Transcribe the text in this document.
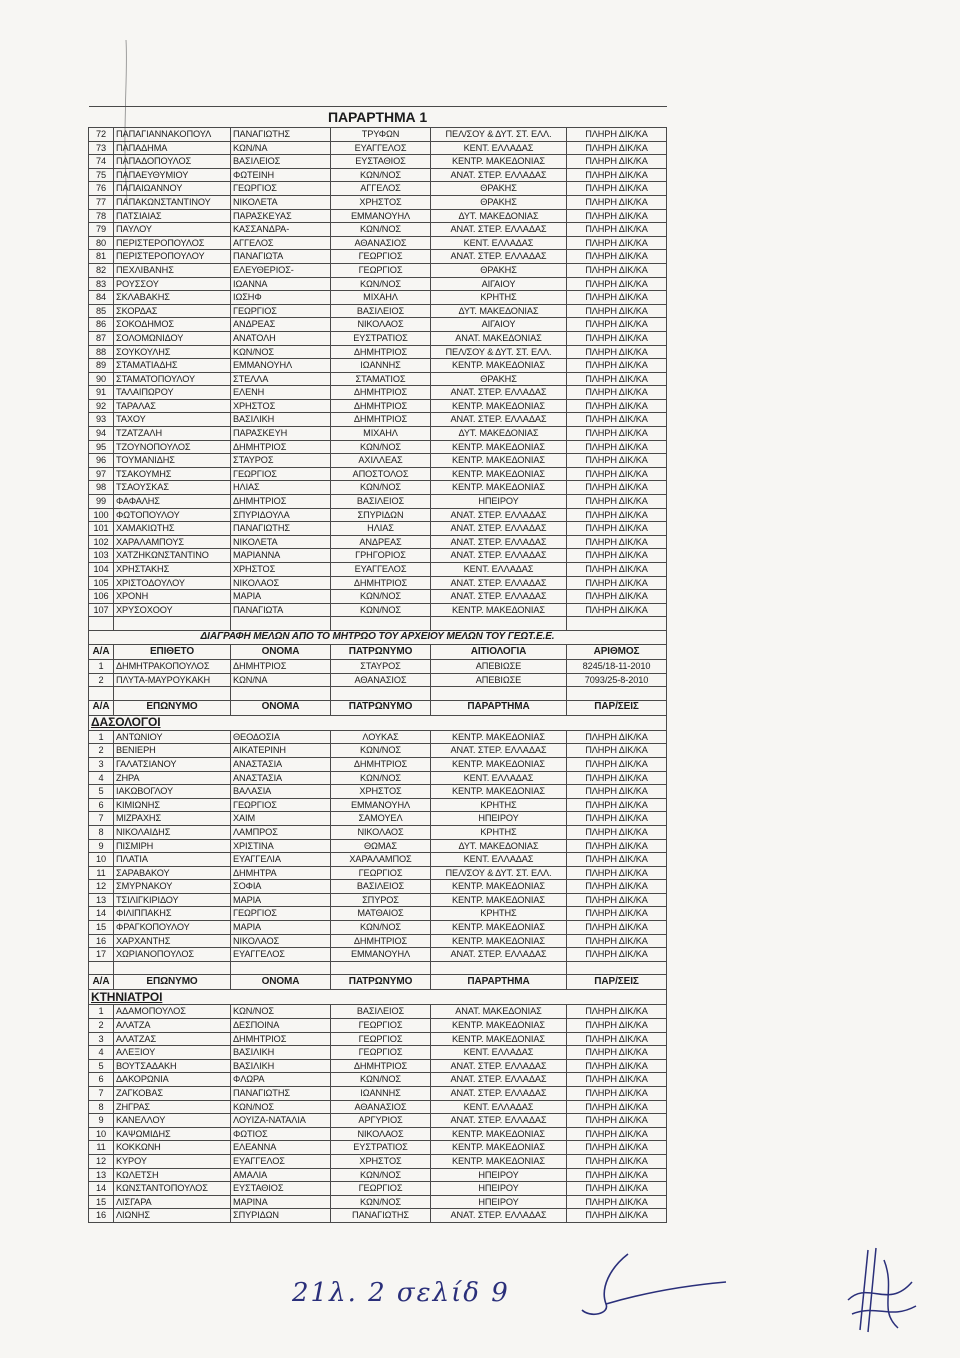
ΠΑΡΑΡΤΗΜΑ 1					
72	ΠΑΠΑΓΙΑΝΝΑΚΟΠΟΥΛ	ΠΑΝΑΓΙΩΤΗΣ	ΤΡΥΦΩΝ	ΠΕΛ/ΣΟΥ & ΔΥΤ. ΣΤ. ΕΛΛ.	ΠΛΗΡΗ ΔΙΚ/ΚΑ
73	ΠΑΠΑΔΗΜΑ	ΚΩΝ/ΝΑ	ΕΥΑΓΓΕΛΟΣ	ΚΕΝΤ. ΕΛΛΑΔΑΣ	ΠΛΗΡΗ ΔΙΚ/ΚΑ
74	ΠΑΠΑΔΟΠΟΥΛΟΣ	ΒΑΣΙΛΕΙΟΣ	ΕΥΣΤΑΘΙΟΣ	ΚΕΝΤΡ. ΜΑΚΕΔΟΝΙΑΣ	ΠΛΗΡΗ ΔΙΚ/ΚΑ
75	ΠΑΠΑΕΥΘΥΜΙΟΥ	ΦΩΤΕΙΝΗ	ΚΩΝ/ΝΟΣ	ΑΝΑΤ. ΣΤΕΡ. ΕΛΛΑΔΑΣ	ΠΛΗΡΗ ΔΙΚ/ΚΑ
76	ΠΑΠΑΙΩΑΝΝΟΥ	ΓΕΩΡΓΙΟΣ	ΑΓΓΕΛΟΣ	ΘΡΑΚΗΣ	ΠΛΗΡΗ ΔΙΚ/ΚΑ
77	ΠΑΠΑΚΩΝΣΤΑΝΤΙΝΟΥ	ΝΙΚΟΛΕΤΑ	ΧΡΗΣΤΟΣ	ΘΡΑΚΗΣ	ΠΛΗΡΗ ΔΙΚ/ΚΑ
78	ΠΑΤΣΙΑΙΑΣ	ΠΑΡΑΣΚΕΥΑΣ	ΕΜΜΑΝΟΥΗΛ	ΔΥΤ. ΜΑΚΕΔΟΝΙΑΣ	ΠΛΗΡΗ ΔΙΚ/ΚΑ
79	ΠΑΥΛΟΥ	ΚΑΣΣΑΝΔΡΑ-	ΚΩΝ/ΝΟΣ	ΑΝΑΤ. ΣΤΕΡ. ΕΛΛΑΔΑΣ	ΠΛΗΡΗ ΔΙΚ/ΚΑ
80	ΠΕΡΙΣΤΕΡΟΠΟΥΛΟΣ	ΑΓΓΕΛΟΣ	ΑΘΑΝΑΣΙΟΣ	ΚΕΝΤ. ΕΛΛΑΔΑΣ	ΠΛΗΡΗ ΔΙΚ/ΚΑ
81	ΠΕΡΙΣΤΕΡΟΠΟΥΛΟΥ	ΠΑΝΑΓΙΩΤΑ	ΓΕΩΡΓΙΟΣ	ΑΝΑΤ. ΣΤΕΡ. ΕΛΛΑΔΑΣ	ΠΛΗΡΗ ΔΙΚ/ΚΑ
82	ΠΕΧΛΙΒΑΝΗΣ	ΕΛΕΥΘΕΡΙΟΣ-	ΓΕΩΡΓΙΟΣ	ΘΡΑΚΗΣ	ΠΛΗΡΗ ΔΙΚ/ΚΑ
83	ΡΟΥΣΣΟΥ	ΙΩΑΝΝΑ	ΚΩΝ/ΝΟΣ	ΑΙΓΑΙΟΥ	ΠΛΗΡΗ ΔΙΚ/ΚΑ
84	ΣΚΛΑΒΑΚΗΣ	ΙΩΣΗΦ	ΜΙΧΑΗΛ	ΚΡΗΤΗΣ	ΠΛΗΡΗ ΔΙΚ/ΚΑ
85	ΣΚΟΡΔΑΣ	ΓΕΩΡΓΙΟΣ	ΒΑΣΙΛΕΙΟΣ	ΔΥΤ. ΜΑΚΕΔΟΝΙΑΣ	ΠΛΗΡΗ ΔΙΚ/ΚΑ
86	ΣΟΚΟΔΗΜΟΣ	ΑΝΔΡΕΑΣ	ΝΙΚΟΛΑΟΣ	ΑΙΓΑΙΟΥ	ΠΛΗΡΗ ΔΙΚ/ΚΑ
87	ΣΟΛΟΜΩΝΙΔΟΥ	ΑΝΑΤΟΛΗ	ΕΥΣΤΡΑΤΙΟΣ	ΑΝΑΤ. ΜΑΚΕΔΟΝΙΑΣ	ΠΛΗΡΗ ΔΙΚ/ΚΑ
88	ΣΟΥΚΟΥΛΗΣ	ΚΩΝ/ΝΟΣ	ΔΗΜΗΤΡΙΟΣ	ΠΕΛ/ΣΟΥ & ΔΥΤ. ΣΤ. ΕΛΛ.	ΠΛΗΡΗ ΔΙΚ/ΚΑ
89	ΣΤΑΜΑΤΙΑΔΗΣ	ΕΜΜΑΝΟΥΗΛ	ΙΩΑΝΝΗΣ	ΚΕΝΤΡ. ΜΑΚΕΔΟΝΙΑΣ	ΠΛΗΡΗ ΔΙΚ/ΚΑ
90	ΣΤΑΜΑΤΟΠΟΥΛΟΥ	ΣΤΕΛΛΑ	ΣΤΑΜΑΤΙΟΣ	ΘΡΑΚΗΣ	ΠΛΗΡΗ ΔΙΚ/ΚΑ
91	ΤΑΛΑΙΠΩΡΟΥ	ΕΛΕΝΗ	ΔΗΜΗΤΡΙΟΣ	ΑΝΑΤ. ΣΤΕΡ. ΕΛΛΑΔΑΣ	ΠΛΗΡΗ ΔΙΚ/ΚΑ
92	ΤΑΡΑΛΑΣ	ΧΡΗΣΤΟΣ	ΔΗΜΗΤΡΙΟΣ	ΚΕΝΤΡ. ΜΑΚΕΔΟΝΙΑΣ	ΠΛΗΡΗ ΔΙΚ/ΚΑ
93	ΤΑΧΟΥ	ΒΑΣΙΛΙΚΗ	ΔΗΜΗΤΡΙΟΣ	ΑΝΑΤ. ΣΤΕΡ. ΕΛΛΑΔΑΣ	ΠΛΗΡΗ ΔΙΚ/ΚΑ
94	ΤΖΑΤΖΑΛΗ	ΠΑΡΑΣΚΕΥΗ	ΜΙΧΑΗΛ	ΔΥΤ. ΜΑΚΕΔΟΝΙΑΣ	ΠΛΗΡΗ ΔΙΚ/ΚΑ
95	ΤΖΟΥΝΟΠΟΥΛΟΣ	ΔΗΜΗΤΡΙΟΣ	ΚΩΝ/ΝΟΣ	ΚΕΝΤΡ. ΜΑΚΕΔΟΝΙΑΣ	ΠΛΗΡΗ ΔΙΚ/ΚΑ
96	ΤΟΥΜΑΝΙΔΗΣ	ΣΤΑΥΡΟΣ	ΑΧΙΛΛΕΑΣ	ΚΕΝΤΡ. ΜΑΚΕΔΟΝΙΑΣ	ΠΛΗΡΗ ΔΙΚ/ΚΑ
97	ΤΣΑΚΟΥΜΗΣ	ΓΕΩΡΓΙΟΣ	ΑΠΟΣΤΟΛΟΣ	ΚΕΝΤΡ. ΜΑΚΕΔΟΝΙΑΣ	ΠΛΗΡΗ ΔΙΚ/ΚΑ
98	ΤΣΑΟΥΣΚΑΣ	ΗΛΙΑΣ	ΚΩΝ/ΝΟΣ	ΚΕΝΤΡ. ΜΑΚΕΔΟΝΙΑΣ	ΠΛΗΡΗ ΔΙΚ/ΚΑ
99	ΦΑΦΑΛΗΣ	ΔΗΜΗΤΡΙΟΣ	ΒΑΣΙΛΕΙΟΣ	ΗΠΕΙΡΟΥ	ΠΛΗΡΗ ΔΙΚ/ΚΑ
100	ΦΩΤΟΠΟΥΛΟΥ	ΣΠΥΡΙΔΟΥΛΑ	ΣΠΥΡΙΔΩΝ	ΑΝΑΤ. ΣΤΕΡ. ΕΛΛΑΔΑΣ	ΠΛΗΡΗ ΔΙΚ/ΚΑ
101	ΧΑΜΑΚΙΩΤΗΣ	ΠΑΝΑΓΙΩΤΗΣ	ΗΛΙΑΣ	ΑΝΑΤ. ΣΤΕΡ. ΕΛΛΑΔΑΣ	ΠΛΗΡΗ ΔΙΚ/ΚΑ
102	ΧΑΡΑΛΑΜΠΟΥΣ	ΝΙΚΟΛΕΤΑ	ΑΝΔΡΕΑΣ	ΑΝΑΤ. ΣΤΕΡ. ΕΛΛΑΔΑΣ	ΠΛΗΡΗ ΔΙΚ/ΚΑ
103	ΧΑΤΖΗΚΩΝΣΤΑΝΤΙΝΟ	ΜΑΡΙΑΝΝΑ	ΓΡΗΓΟΡΙΟΣ	ΑΝΑΤ. ΣΤΕΡ. ΕΛΛΑΔΑΣ	ΠΛΗΡΗ ΔΙΚ/ΚΑ
104	ΧΡΗΣΤΑΚΗΣ	ΧΡΗΣΤΟΣ	ΕΥΑΓΓΕΛΟΣ	ΚΕΝΤ. ΕΛΛΑΔΑΣ	ΠΛΗΡΗ ΔΙΚ/ΚΑ
105	ΧΡΙΣΤΟΔΟΥΛΟΥ	ΝΙΚΟΛΑΟΣ	ΔΗΜΗΤΡΙΟΣ	ΑΝΑΤ. ΣΤΕΡ. ΕΛΛΑΔΑΣ	ΠΛΗΡΗ ΔΙΚ/ΚΑ
106	ΧΡΟΝΗ	ΜΑΡΙΑ	ΚΩΝ/ΝΟΣ	ΑΝΑΤ. ΣΤΕΡ. ΕΛΛΑΔΑΣ	ΠΛΗΡΗ ΔΙΚ/ΚΑ
107	ΧΡΥΣΟΧΟΟΥ	ΠΑΝΑΓΙΩΤΑ	ΚΩΝ/ΝΟΣ	ΚΕΝΤΡ. ΜΑΚΕΔΟΝΙΑΣ	ΠΛΗΡΗ ΔΙΚ/ΚΑ

ΔΙΑΓΡΑΦΗ ΜΕΛΩΝ ΑΠΟ ΤΟ ΜΗΤΡΩΟ ΤΟΥ ΑΡΧΕΙΟΥ ΜΕΛΩΝ ΤΟΥ ΓΕΩΤ.Ε.Ε.					
Α/Α	ΕΠΙΘΕΤΟ	ΟΝΟΜΑ	ΠΑΤΡΩΝΥΜΟ	ΑΙΤΙΟΛΟΓΙΑ	ΑΡΙΘΜΟΣ
1	ΔΗΜΗΤΡΑΚΟΠΟΥΛΟΣ	ΔΗΜΗΤΡΙΟΣ	ΣΤΑΥΡΟΣ	ΑΠΕΒΙΩΣΕ	8245/18-11-2010
2	ΠΛΥΤΑ-ΜΑΥΡΟΥΚΑΚΗ	ΚΩΝ/ΝΑ	ΑΘΑΝΑΣΙΟΣ	ΑΠΕΒΙΩΣΕ	7093/25-8-2010

Α/Α	ΕΠΩΝΥΜΟ	ΟΝΟΜΑ	ΠΑΤΡΩΝΥΜΟ	ΠΑΡΑΡΤΗΜΑ	ΠΑΡ/ΣΕΙΣ
ΔΑΣΟΛΟΓΟΙ					
1	ΑΝΤΩΝΙΟΥ	ΘΕΟΔΟΣΙΑ	ΛΟΥΚΑΣ	ΚΕΝΤΡ. ΜΑΚΕΔΟΝΙΑΣ	ΠΛΗΡΗ ΔΙΚ/ΚΑ
2	ΒΕΝΙΕΡΗ	ΑΙΚΑΤΕΡΙΝΗ	ΚΩΝ/ΝΟΣ	ΑΝΑΤ. ΣΤΕΡ. ΕΛΛΑΔΑΣ	ΠΛΗΡΗ ΔΙΚ/ΚΑ
3	ΓΑΛΑΤΣΙΑΝΟΥ	ΑΝΑΣΤΑΣΙΑ	ΔΗΜΗΤΡΙΟΣ	ΚΕΝΤΡ. ΜΑΚΕΔΟΝΙΑΣ	ΠΛΗΡΗ ΔΙΚ/ΚΑ
4	ΖΗΡΑ	ΑΝΑΣΤΑΣΙΑ	ΚΩΝ/ΝΟΣ	ΚΕΝΤ. ΕΛΛΑΔΑΣ	ΠΛΗΡΗ ΔΙΚ/ΚΑ
5	ΙΑΚΩΒΟΓΛΟΥ	ΒΑΛΑΣΙΑ	ΧΡΗΣΤΟΣ	ΚΕΝΤΡ. ΜΑΚΕΔΟΝΙΑΣ	ΠΛΗΡΗ ΔΙΚ/ΚΑ
6	ΚΙΜΙΩΝΗΣ	ΓΕΩΡΓΙΟΣ	ΕΜΜΑΝΟΥΗΛ	ΚΡΗΤΗΣ	ΠΛΗΡΗ ΔΙΚ/ΚΑ
7	ΜΙΖΡΑΧΗΣ	ΧΑΙΜ	ΣΑΜΟΥΕΛ	ΗΠΕΙΡΟΥ	ΠΛΗΡΗ ΔΙΚ/ΚΑ
8	ΝΙΚΟΛΑΙΔΗΣ	ΛΑΜΠΡΟΣ	ΝΙΚΟΛΑΟΣ	ΚΡΗΤΗΣ	ΠΛΗΡΗ ΔΙΚ/ΚΑ
9	ΠΙΣΜΙΡΗ	ΧΡΙΣΤΙΝΑ	ΘΩΜΑΣ	ΔΥΤ. ΜΑΚΕΔΟΝΙΑΣ	ΠΛΗΡΗ ΔΙΚ/ΚΑ
10	ΠΛΑΤΙΑ	ΕΥΑΓΓΕΛΙΑ	ΧΑΡΑΛΑΜΠΟΣ	ΚΕΝΤ. ΕΛΛΑΔΑΣ	ΠΛΗΡΗ ΔΙΚ/ΚΑ
11	ΣΑΡΑΒΑΚΟΥ	ΔΗΜΗΤΡΑ	ΓΕΩΡΓΙΟΣ	ΠΕΛ/ΣΟΥ & ΔΥΤ. ΣΤ. ΕΛΛ.	ΠΛΗΡΗ ΔΙΚ/ΚΑ
12	ΣΜΥΡΝΑΚΟΥ	ΣΟΦΙΑ	ΒΑΣΙΛΕΙΟΣ	ΚΕΝΤΡ. ΜΑΚΕΔΟΝΙΑΣ	ΠΛΗΡΗ ΔΙΚ/ΚΑ
13	ΤΣΙΛΙΓΚΙΡΙΔΟΥ	ΜΑΡΙΑ	ΣΠΥΡΟΣ	ΚΕΝΤΡ. ΜΑΚΕΔΟΝΙΑΣ	ΠΛΗΡΗ ΔΙΚ/ΚΑ
14	ΦΙΛΙΠΠΑΚΗΣ	ΓΕΩΡΓΙΟΣ	ΜΑΤΘΑΙΟΣ	ΚΡΗΤΗΣ	ΠΛΗΡΗ ΔΙΚ/ΚΑ
15	ΦΡΑΓΚΟΠΟΥΛΟΥ	ΜΑΡΙΑ	ΚΩΝ/ΝΟΣ	ΚΕΝΤΡ. ΜΑΚΕΔΟΝΙΑΣ	ΠΛΗΡΗ ΔΙΚ/ΚΑ
16	ΧΑΡΧΑΝΤΗΣ	ΝΙΚΟΛΑΟΣ	ΔΗΜΗΤΡΙΟΣ	ΚΕΝΤΡ. ΜΑΚΕΔΟΝΙΑΣ	ΠΛΗΡΗ ΔΙΚ/ΚΑ
17	ΧΩΡΙΑΝΟΠΟΥΛΟΣ	ΕΥΑΓΓΕΛΟΣ	ΕΜΜΑΝΟΥΗΛ	ΑΝΑΤ. ΣΤΕΡ. ΕΛΛΑΔΑΣ	ΠΛΗΡΗ ΔΙΚ/ΚΑ

Α/Α	ΕΠΩΝΥΜΟ	ΟΝΟΜΑ	ΠΑΤΡΩΝΥΜΟ	ΠΑΡΑΡΤΗΜΑ	ΠΑΡ/ΣΕΙΣ
ΚΤΗΝΙΑΤΡΟΙ					
1	ΑΔΑΜΟΠΟΥΛΟΣ	ΚΩΝ/ΝΟΣ	ΒΑΣΙΛΕΙΟΣ	ΑΝΑΤ. ΜΑΚΕΔΟΝΙΑΣ	ΠΛΗΡΗ ΔΙΚ/ΚΑ
2	ΑΛΑΤΖΑ	ΔΕΣΠΟΙΝΑ	ΓΕΩΡΓΙΟΣ	ΚΕΝΤΡ. ΜΑΚΕΔΟΝΙΑΣ	ΠΛΗΡΗ ΔΙΚ/ΚΑ
3	ΑΛΑΤΖΑΣ	ΔΗΜΗΤΡΙΟΣ	ΓΕΩΡΓΙΟΣ	ΚΕΝΤΡ. ΜΑΚΕΔΟΝΙΑΣ	ΠΛΗΡΗ ΔΙΚ/ΚΑ
4	ΑΛΕΞΙΟΥ	ΒΑΣΙΛΙΚΗ	ΓΕΩΡΓΙΟΣ	ΚΕΝΤ. ΕΛΛΑΔΑΣ	ΠΛΗΡΗ ΔΙΚ/ΚΑ
5	ΒΟΥΤΣΑΔΑΚΗ	ΒΑΣΙΛΙΚΗ	ΔΗΜΗΤΡΙΟΣ	ΑΝΑΤ. ΣΤΕΡ. ΕΛΛΑΔΑΣ	ΠΛΗΡΗ ΔΙΚ/ΚΑ
6	ΔΑΚΟΡΩΝΙΑ	ΦΛΩΡΑ	ΚΩΝ/ΝΟΣ	ΑΝΑΤ. ΣΤΕΡ. ΕΛΛΑΔΑΣ	ΠΛΗΡΗ ΔΙΚ/ΚΑ
7	ΖΑΓΚΟΒΑΣ	ΠΑΝΑΓΙΩΤΗΣ	ΙΩΑΝΝΗΣ	ΑΝΑΤ. ΣΤΕΡ. ΕΛΛΑΔΑΣ	ΠΛΗΡΗ ΔΙΚ/ΚΑ
8	ΖΗΓΡΑΣ	ΚΩΝ/ΝΟΣ	ΑΘΑΝΑΣΙΟΣ	ΚΕΝΤ. ΕΛΛΑΔΑΣ	ΠΛΗΡΗ ΔΙΚ/ΚΑ
9	ΚΑΝΕΛΛΟΥ	ΛΟΥΙΖΑ-ΝΑΤΑΛΙΑ	ΑΡΓΥΡΙΟΣ	ΑΝΑΤ. ΣΤΕΡ. ΕΛΛΑΔΑΣ	ΠΛΗΡΗ ΔΙΚ/ΚΑ
10	ΚΑΨΩΜΙΔΗΣ	ΦΩΤΙΟΣ	ΝΙΚΟΛΑΟΣ	ΚΕΝΤΡ. ΜΑΚΕΔΟΝΙΑΣ	ΠΛΗΡΗ ΔΙΚ/ΚΑ
11	ΚΟΚΚΩΝΗ	ΕΛΕΑΝΝΑ	ΕΥΣΤΡΑΤΙΟΣ	ΚΕΝΤΡ. ΜΑΚΕΔΟΝΙΑΣ	ΠΛΗΡΗ ΔΙΚ/ΚΑ
12	ΚΥΡΟΥ	ΕΥΑΓΓΕΛΟΣ	ΧΡΗΣΤΟΣ	ΚΕΝΤΡ. ΜΑΚΕΔΟΝΙΑΣ	ΠΛΗΡΗ ΔΙΚ/ΚΑ
13	ΚΩΛΕΤΣΗ	ΑΜΑΛΙΑ	ΚΩΝ/ΝΟΣ	ΗΠΕΙΡΟΥ	ΠΛΗΡΗ ΔΙΚ/ΚΑ
14	ΚΩΝΣΤΑΝΤΟΠΟΥΛΟΣ	ΕΥΣΤΑΘΙΟΣ	ΓΕΩΡΓΙΟΣ	ΗΠΕΙΡΟΥ	ΠΛΗΡΗ ΔΙΚ/ΚΑ
15	ΛΙΣΓΑΡΑ	ΜΑΡΙΝΑ	ΚΩΝ/ΝΟΣ	ΗΠΕΙΡΟΥ	ΠΛΗΡΗ ΔΙΚ/ΚΑ
16	ΛΙΩΝΗΣ	ΣΠΥΡΙΔΩΝ	ΠΑΝΑΓΙΩΤΗΣ	ΑΝΑΤ. ΣΤΕΡ. ΕΛΛΑΔΑΣ	ΠΛΗΡΗ ΔΙΚ/ΚΑ
21λ. 2 σελίδ 9
